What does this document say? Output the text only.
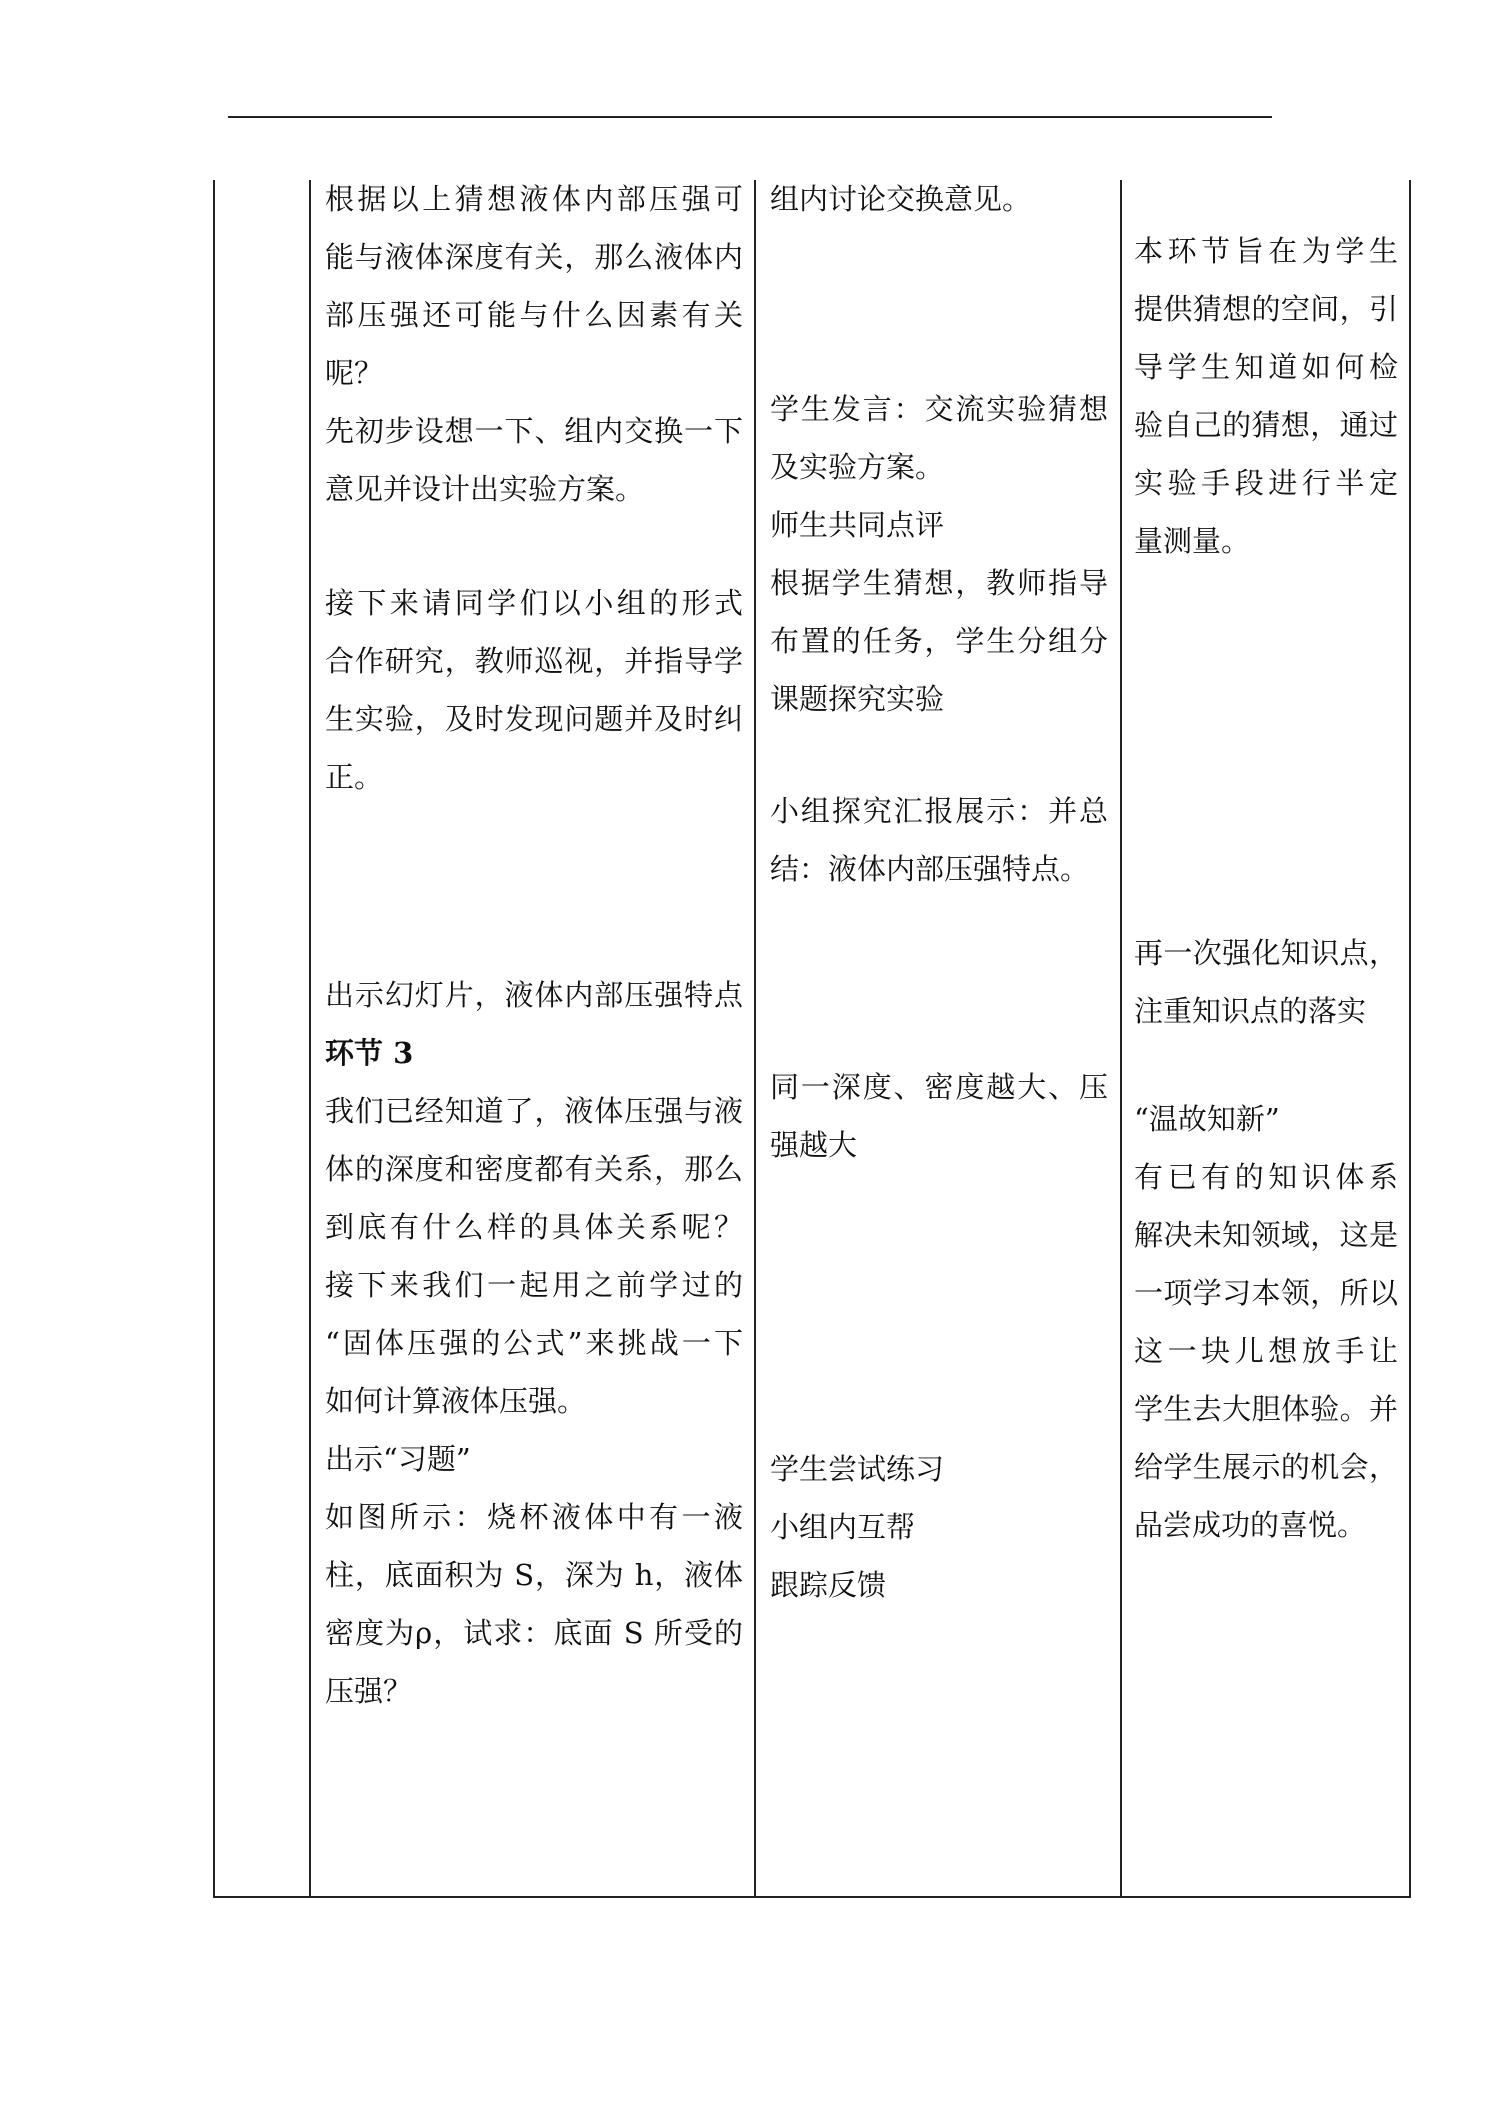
根据以上猜想液体内部压强可
能与液体深度有关，那么液体内
部压强还可能与什么因素有关
呢？
先初步设想一下、组内交换一下
意见并设计出实验方案。
接下来请同学们以小组的形式
合作研究，教师巡视，并指导学
生实验，及时发现问题并及时纠
正。
出示幻灯片，液体内部压强特点
环节 3
我们已经知道了，液体压强与液
体的深度和密度都有关系，那么
到底有什么样的具体关系呢？
接下来我们一起用之前学过的
“固体压强的公式”来挑战一下
如何计算液体压强。
出示“习题”
如图所示：烧杯液体中有一液
柱，底面积为 S，深为 h，液体
密度为ρ，试求：底面 S 所受的
压强？
组内讨论交换意见。
学生发言：交流实验猜想
及实验方案。
师生共同点评
根据学生猜想，教师指导
布置的任务，学生分组分
课题探究实验
小组探究汇报展示：并总
结：液体内部压强特点。
同一深度、密度越大、压
强越大
学生尝试练习
小组内互帮
跟踪反馈
本环节旨在为学生
提供猜想的空间，引
导学生知道如何检
验自己的猜想，通过
实验手段进行半定
量测量。
再一次强化知识点，
注重知识点的落实
“温故知新”
有已有的知识体系
解决未知领域，这是
一项学习本领，所以
这一块儿想放手让
学生去大胆体验。并
给学生展示的机会，
品尝成功的喜悦。
